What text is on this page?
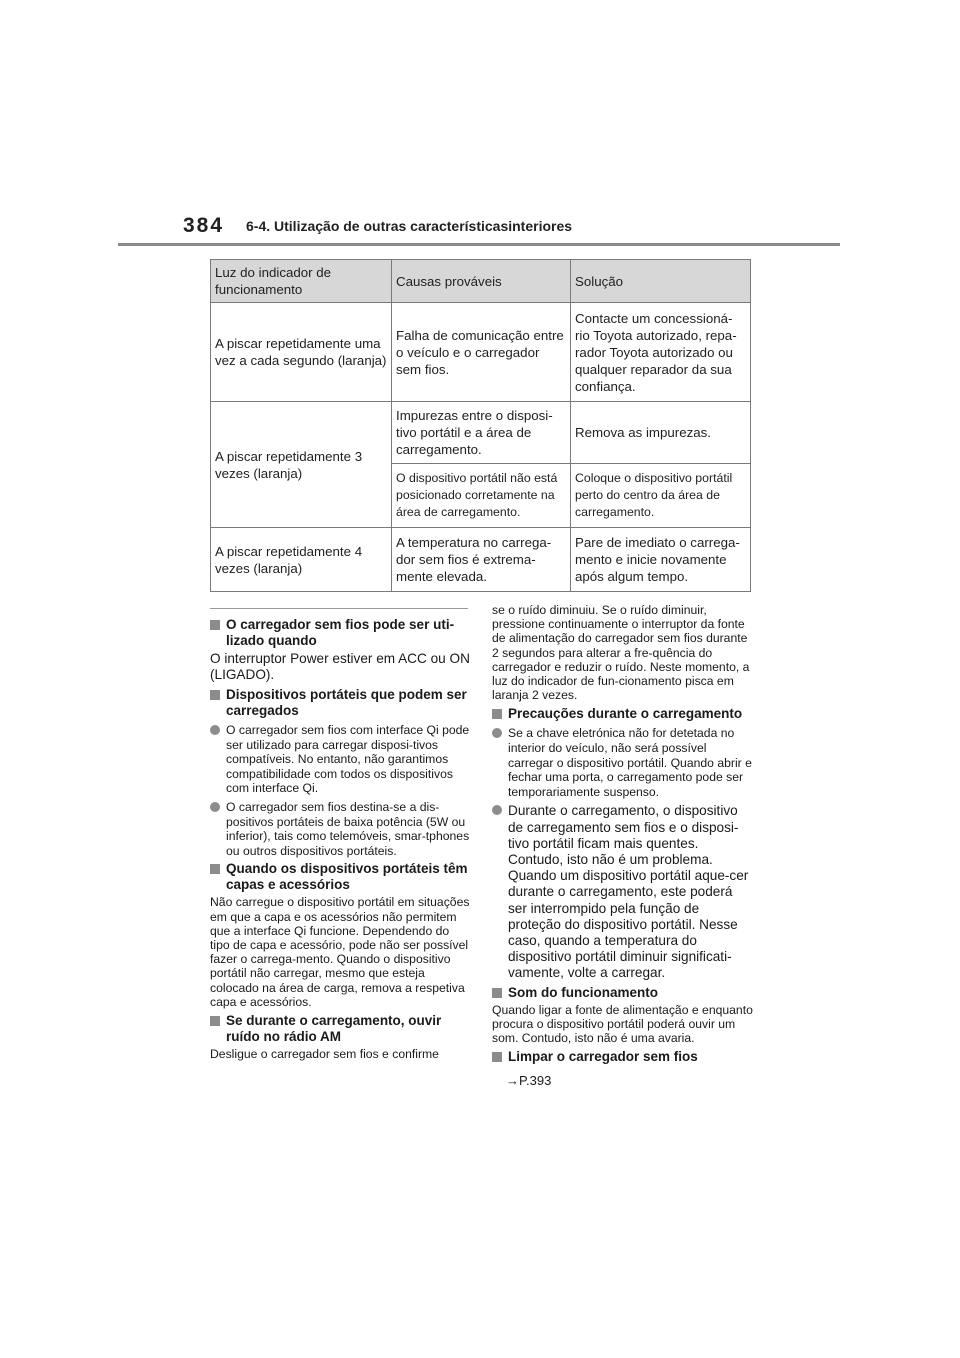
384 6-4. Utilização de outras característicasinteriores
Luz do indicador de funcionamento	Causas prováveis	Solução
A piscar repetidamente uma vez a cada segundo (laranja)	Falha de comunicação entre o veículo e o carregador sem fios.	Contacte um concessioná-rio Toyota autorizado, repa-rador Toyota autorizado ou qualquer reparador da sua confiança.
A piscar repetidamente 3 vezes (laranja)	Impurezas entre o disposi-tivo portátil e a área de carregamento.	Remova as impurezas.
	O dispositivo portátil não está posicionado corretamente na área de carregamento.	Coloque o dispositivo portátil perto do centro da área de carregamento.
A piscar repetidamente 4 vezes (laranja)	A temperatura no carrega-dor sem fios é extrema-mente elevada.	Pare de imediato o carrega-mento e inicie novamente após algum tempo.
O carregador sem fios pode ser uti-lizado quando
O interruptor Power estiver em ACC ou ON (LIGADO).
Dispositivos portáteis que podem ser carregados
O carregador sem fios com interface Qi pode ser utilizado para carregar disposi-tivos compatíveis. No entanto, não garantimos compatibilidade com todos os dispositivos com interface Qi.
O carregador sem fios destina-se a dis-positivos portáteis de baixa potência (5W ou inferior), tais como telemóveis, smar-tphones ou outros dispositivos portáteis.
Quando os dispositivos portáteis têm capas e acessórios
Não carregue o dispositivo portátil em situações em que a capa e os acessórios não permitem que a interface Qi funcione. Dependendo do tipo de capa e acessório, pode não ser possível fazer o carrega-mento. Quando o dispositivo portátil não carregar, mesmo que esteja colocado na área de carga, remova a respetiva capa e acessórios.
Se durante o carregamento, ouvir ruído no rádio AM
Desligue o carregador sem fios e confirme
se o ruído diminuiu. Se o ruído diminuir, pressione continuamente o interruptor da fonte de alimentação do carregador sem fios durante 2 segundos para alterar a fre-quência do carregador e reduzir o ruído. Neste momento, a luz do indicador de fun-cionamento pisca em laranja 2 vezes.
Precauções durante o carregamento
Se a chave eletrónica não for detetada no interior do veículo, não será possível carregar o dispositivo portátil. Quando abrir e fechar uma porta, o carregamento pode ser temporariamente suspenso.
Durante o carregamento, o dispositivo de carregamento sem fios e o disposi-tivo portátil ficam mais quentes. Contudo, isto não é um problema. Quando um dispositivo portátil aque-cer durante o carregamento, este poderá ser interrompido pela função de proteção do dispositivo portátil. Nesse caso, quando a temperatura do dispositivo portátil diminuir significati-vamente, volte a carregar.
Som do funcionamento
Quando ligar a fonte de alimentação e enquanto procura o dispositivo portátil poderá ouvir um som. Contudo, isto não é uma avaria.
Limpar o carregador sem fios
→P.393
